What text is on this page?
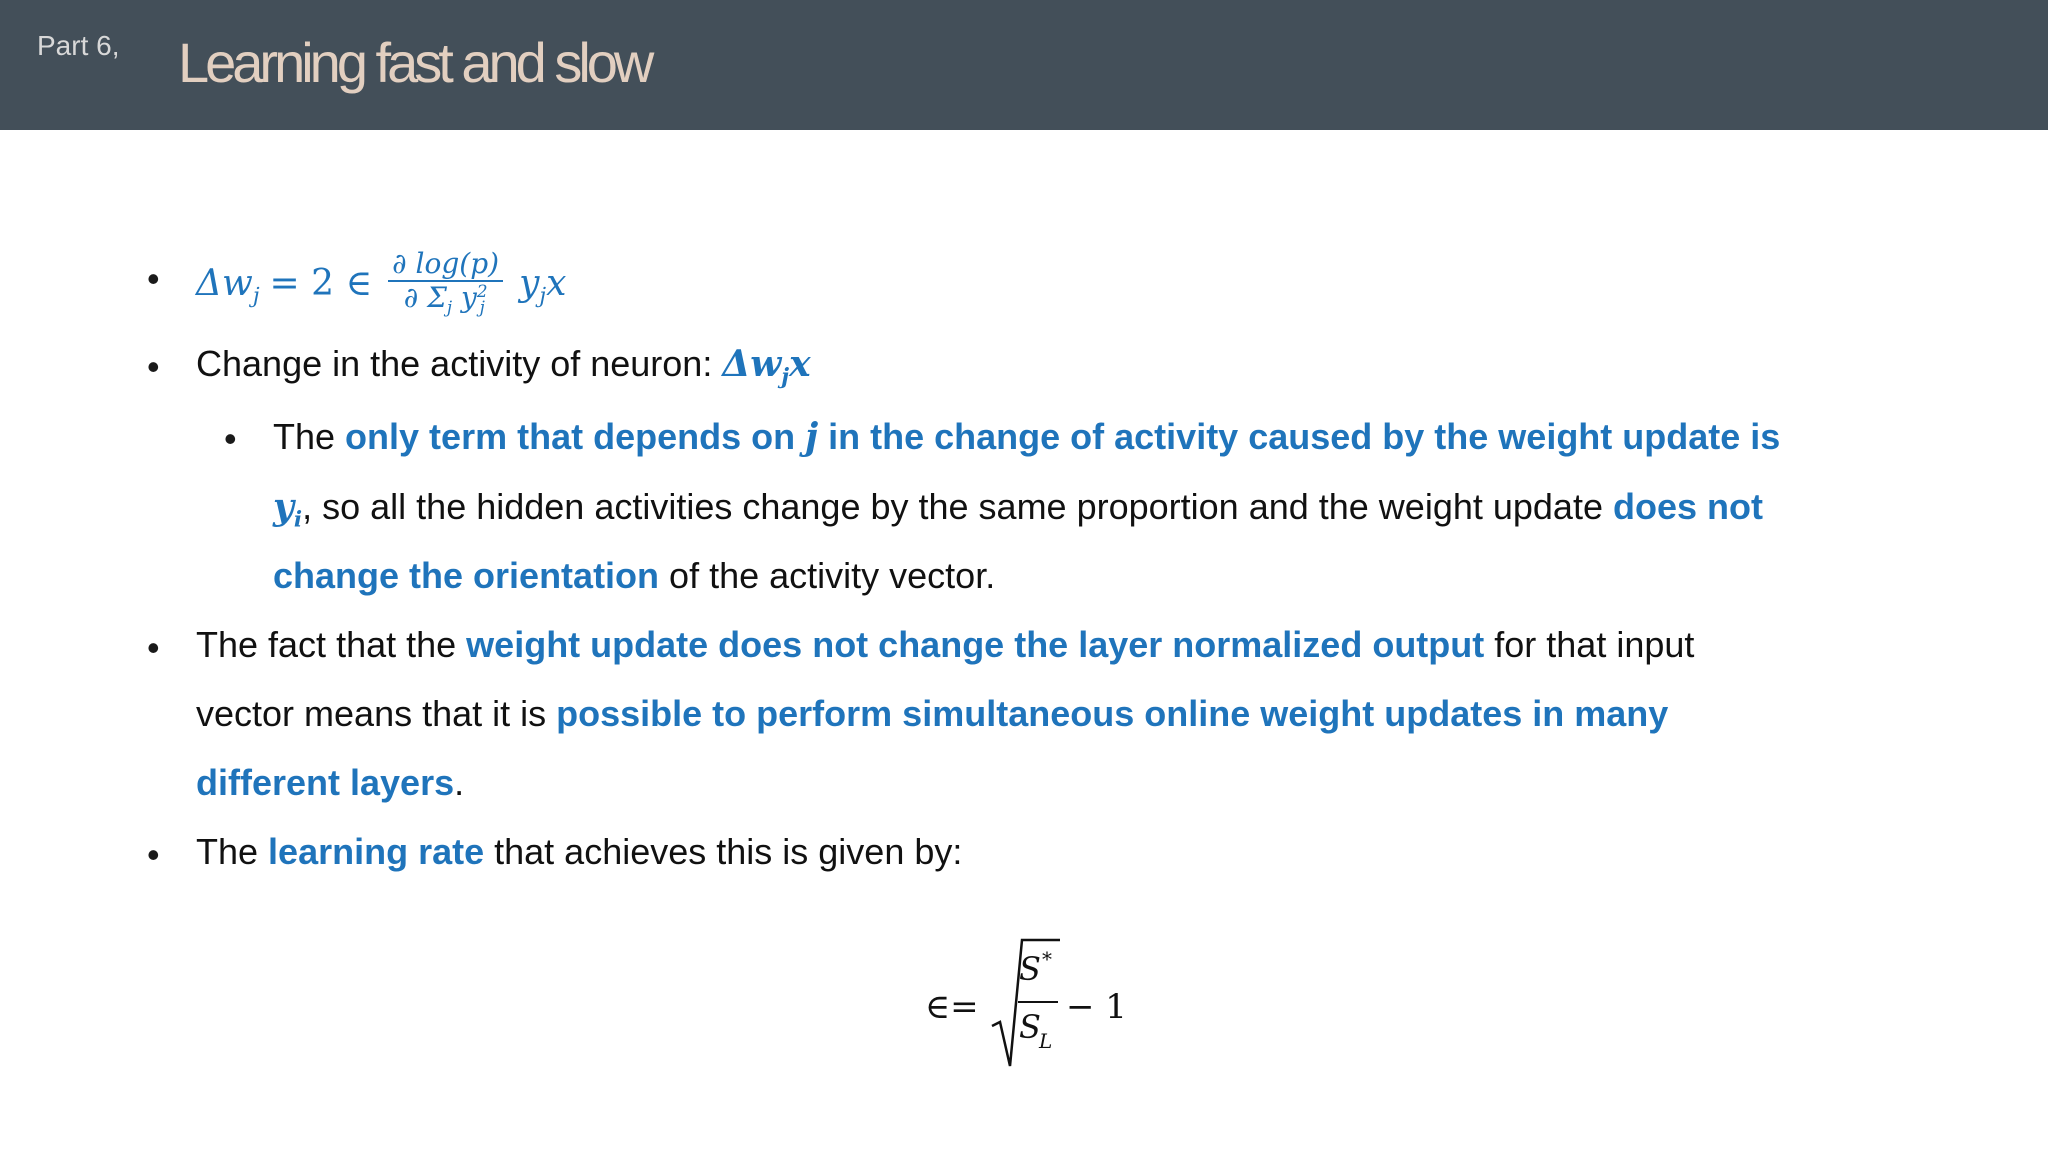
Part 6, Learning fast and slow
• $\Delta w_j = 2$ ∈ ∂ log(p)
∂ $\Sigma_j$ y 2
j $y_jx$
• Change in the activity of neuron: $\Delta w_jx$
• The only term that depends on j in the change of activity caused by the weight update is
$y_i$, so all the hidden activities change by the same proportion and the weight update does not
change the orientation of the activity vector.
• The fact that the weight update does not change the layer normalized output for that input
vector means that it is possible to perform simultaneous online weight updates in many
different layers.
• The learning rate that achieves this is given by:
∈=
S *
S
L
− 1
